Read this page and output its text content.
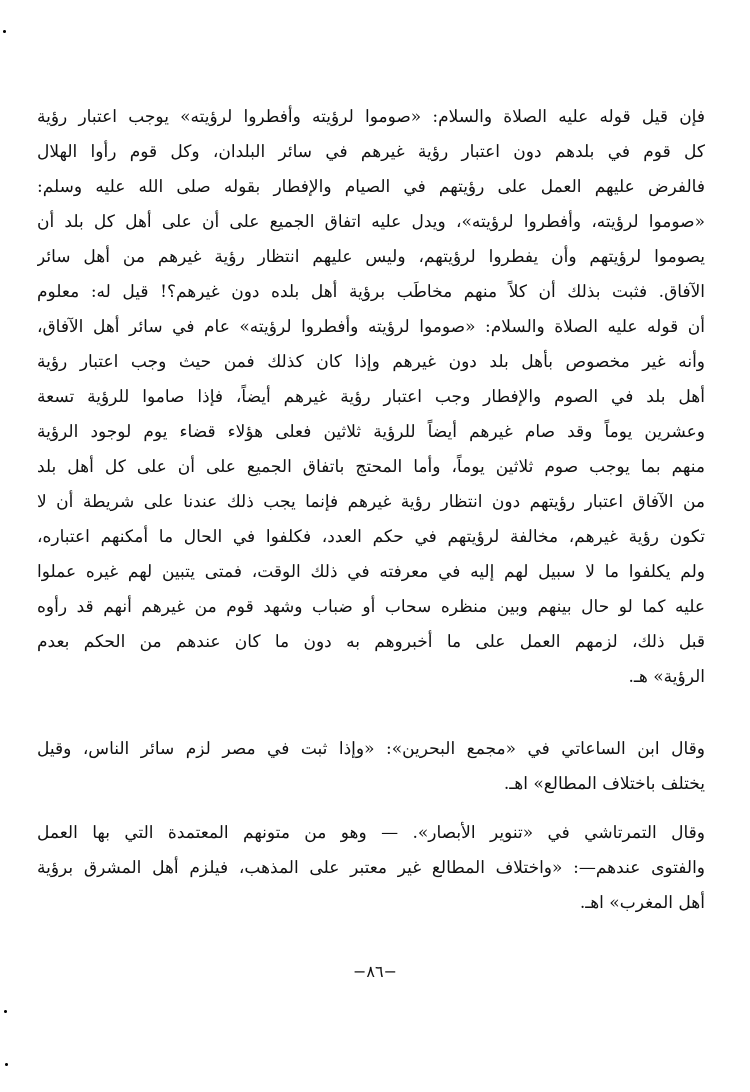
فإن قيل قوله عليه الصلاة والسلام: «صوموا لرؤيته وأفطروا لرؤيته» يوجب اعتبار رؤية
كل قوم في بلدهم دون اعتبار رؤية غيرهم في سائر البلدان، وكل قوم رأوا الهلال
فالفرض عليهم العمل على رؤيتهم في الصيام والإفطار بقوله صلى الله عليه وسلم:
«صوموا لرؤيته، وأفطروا لرؤيته»، ويدل عليه اتفاق الجميع على أن على أهل كل بلد أن
يصوموا لرؤيتهم وأن يفطروا لرؤيتهم، وليس عليهم انتظار رؤية غيرهم من أهل سائر
الآفاق. فثبت بذلك أن كلاً منهم مخاطَب برؤية أهل بلده دون غيرهم؟! قيل له: معلوم
أن قوله عليه الصلاة والسلام: «صوموا لرؤيته وأفطروا لرؤيته» عام في سائر أهل الآفاق،
وأنه غير مخصوص بأهل بلد دون غيرهم وإذا كان كذلك فمن حيث وجب اعتبار رؤية
أهل بلد في الصوم والإفطار وجب اعتبار رؤية غيرهم أيضاً، فإذا صاموا للرؤية تسعة
وعشرين يوماً وقد صام غيرهم أيضاً للرؤية ثلاثين فعلى هؤلاء قضاء يوم لوجود الرؤية
منهم بما يوجب صوم ثلاثين يوماً، وأما المحتج باتفاق الجميع على أن على كل أهل بلد
من الآفاق اعتبار رؤيتهم دون انتظار رؤية غيرهم فإنما يجب ذلك عندنا على شريطة أن لا
تكون رؤية غيرهم، مخالفة لرؤيتهم في حكم العدد، فكلفوا في الحال ما أمكنهم اعتباره،
ولم يكلفوا ما لا سبيل لهم إليه في معرفته في ذلك الوقت، فمتى يتبين لهم غيره عملوا
عليه كما لو حال بينهم وبين منظره سحاب أو ضباب وشهد قوم من غيرهم أنهم قد رأوه
قبل ذلك، لزمهم العمل على ما أخبروهم به دون ما كان عندهم من الحكم بعدم
الرؤية» هـ.
وقال ابن الساعاتي في «مجمع البحرين»: «وإذا ثبت في مصر لزم سائر الناس، وقيل
يختلف باختلاف المطالع» اهـ.
وقال التمرتاشي في «تنوير الأبصار». — وهو من متونهم المعتمدة التي بها العمل
والفتوى عندهم—: «واختلاف المطالع غير معتبر على المذهب، فيلزم أهل المشرق برؤية
أهل المغرب» اهـ.
−٨٦−
